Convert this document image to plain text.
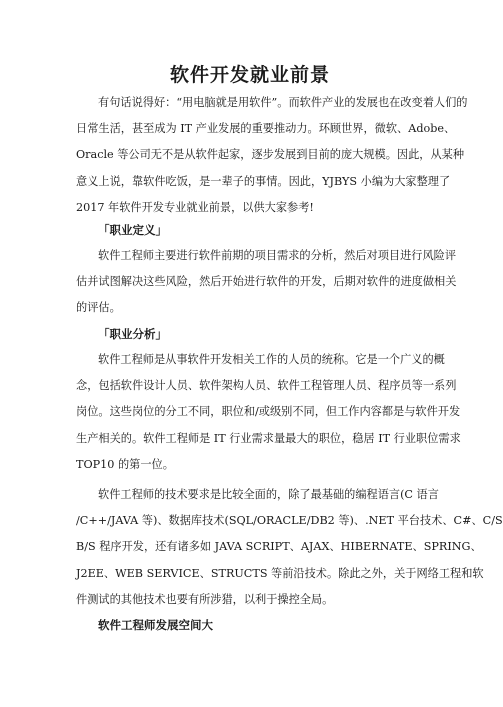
软件开发就业前景
有句话说得好：“用电脑就是用软件”。而软件产业的发展也在改变着人们的
日常生活，甚至成为 IT 产业发展的重要推动力。环顾世界，微软、Adobe、
Oracle 等公司无不是从软件起家，逐步发展到目前的庞大规模。因此，从某种
意义上说，靠软件吃饭，是一辈子的事情。因此，YJBYS 小编为大家整理了
2017 年软件开发专业就业前景，以供大家参考!
「职业定义」
软件工程师主要进行软件前期的项目需求的分析，然后对项目进行风险评
估并试图解决这些风险，然后开始进行软件的开发，后期对软件的进度做相关
的评估。
「职业分析」
软件工程师是从事软件开发相关工作的人员的统称。它是一个广义的概
念，包括软件设计人员、软件架构人员、软件工程管理人员、程序员等一系列
岗位。这些岗位的分工不同，职位和/或级别不同，但工作内容都是与软件开发
生产相关的。软件工程师是 IT 行业需求量最大的职位，稳居 IT 行业职位需求
TOP10 的第一位。
软件工程师的技术要求是比较全面的，除了最基础的编程语言(C 语言
/C++/JAVA 等)、数据库技术(SQL/ORACLE/DB2 等)、.NET 平台技术、C#、C/S
B/S 程序开发，还有诸多如 JAVA SCRIPT、AJAX、HIBERNATE、SPRING、
J2EE、WEB SERVICE、STRUCTS 等前沿技术。除此之外，关于网络工程和软
件测试的其他技术也要有所涉猎，以利于操控全局。
软件工程师发展空间大
